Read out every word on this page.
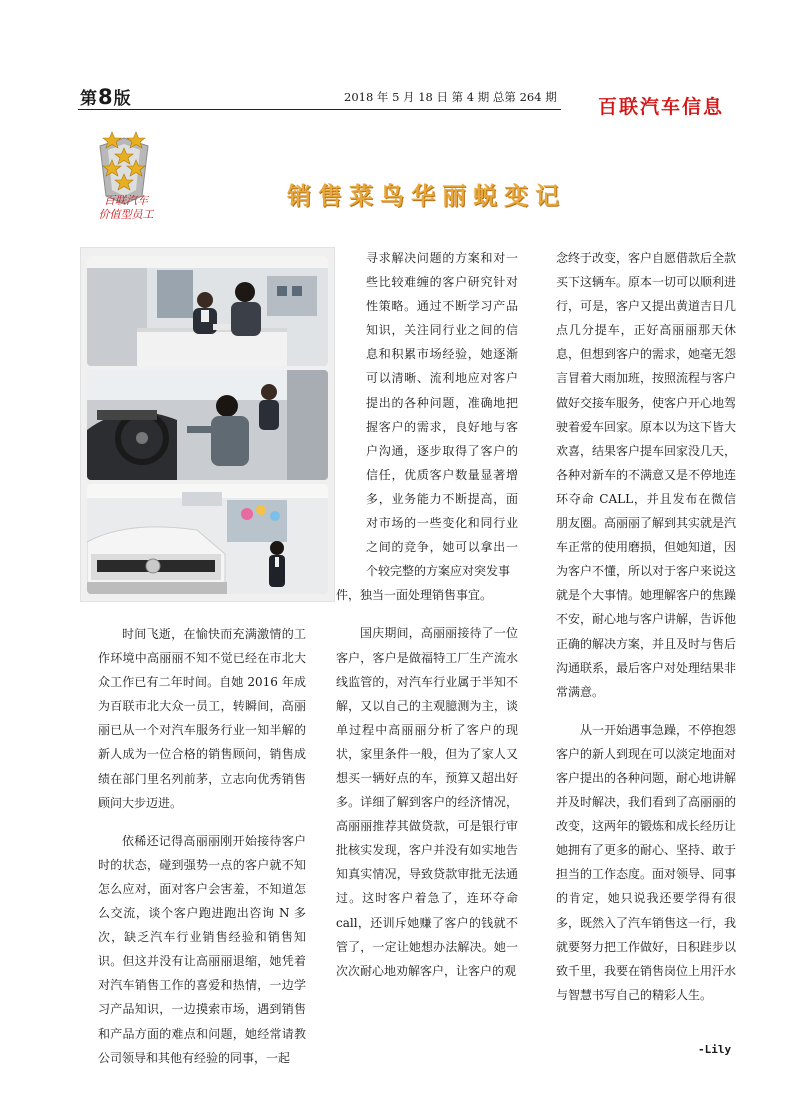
第8版	2018 年 5 月 18 日 第 4 期 总第 264 期 百联汽车信息
百联汽车
价值型员工
销售菜鸟华丽蜕变记

时间飞逝，在愉快而充满激情的工作环境中高丽丽不知不觉已经在市北大众工作已有二年时间。自她 2016 年成为百联市北大众一员工，转瞬间，高丽丽已从一个对汽车服务行业一知半解的新人成为一位合格的销售顾问，销售成绩在部门里名列前茅，立志向优秀销售顾问大步迈进。

依稀还记得高丽丽刚开始接待客户时的状态，碰到强势一点的客户就不知怎么应对，面对客户会害羞，不知道怎么交流，谈个客户跑进跑出咨询 N 多次，缺乏汽车行业销售经验和销售知识。但这并没有让高丽丽退缩，她凭着对汽车销售工作的喜爱和热情，一边学习产品知识，一边摸索市场，遇到销售和产品方面的难点和问题，她经常请教公司领导和其他有经验的同事，一起

寻求解决问题的方案和对一些比较难缠的客户研究针对性策略。通过不断学习产品知识，关注同行业之间的信息和积累市场经验，她逐渐可以清晰、流利地应对客户提出的各种问题，准确地把握客户的需求，良好地与客户沟通，逐步取得了客户的信任，优质客户数量显著增多，业务能力不断提高，面对市场的一些变化和同行业之间的竞争，她可以拿出一个较完整的方案应对突发事

件，独当一面处理销售事宜。

国庆期间，高丽丽接待了一位客户，客户是做福特工厂生产流水线监管的，对汽车行业属于半知不解，又以自己的主观臆测为主，谈单过程中高丽丽分析了客户的现状，家里条件一般，但为了家人又想买一辆好点的车，预算又超出好多。详细了解到客户的经济情况，高丽丽推荐其做贷款，可是银行审批核实发现，客户并没有如实地告知真实情况，导致贷款审批无法通过。这时客户着急了，连环夺命 call，还训斥她赚了客户的钱就不管了，一定让她想办法解决。她一次次耐心地劝解客户，让客户的观

念终于改变，客户自愿借款后全款买下这辆车。原本一切可以顺利进行，可是，客户又提出黄道吉日几点几分提车，正好高丽丽那天休息，但想到客户的需求，她毫无怨言冒着大雨加班，按照流程与客户做好交接车服务，使客户开心地驾驶着爱车回家。原本以为这下皆大欢喜，结果客户提车回家没几天，各种对新车的不满意又是不停地连环夺命 CALL，并且发布在微信朋友圈。高丽丽了解到其实就是汽车正常的使用磨损，但她知道，因为客户不懂，所以对于客户来说这就是个大事情。她理解客户的焦躁不安，耐心地与客户讲解，告诉他正确的解决方案，并且及时与售后沟通联系，最后客户对处理结果非常满意。

从一开始遇事急躁，不停抱怨客户的新人到现在可以淡定地面对客户提出的各种问题，耐心地讲解并及时解决，我们看到了高丽丽的改变，这两年的锻炼和成长经历让她拥有了更多的耐心、坚持、敢于担当的工作态度。面对领导、同事的肯定，她只说我还要学得有很多，既然入了汽车销售这一行，我就要努力把工作做好，日积跬步以致千里，我要在销售岗位上用汗水与智慧书写自己的精彩人生。

-Lily
